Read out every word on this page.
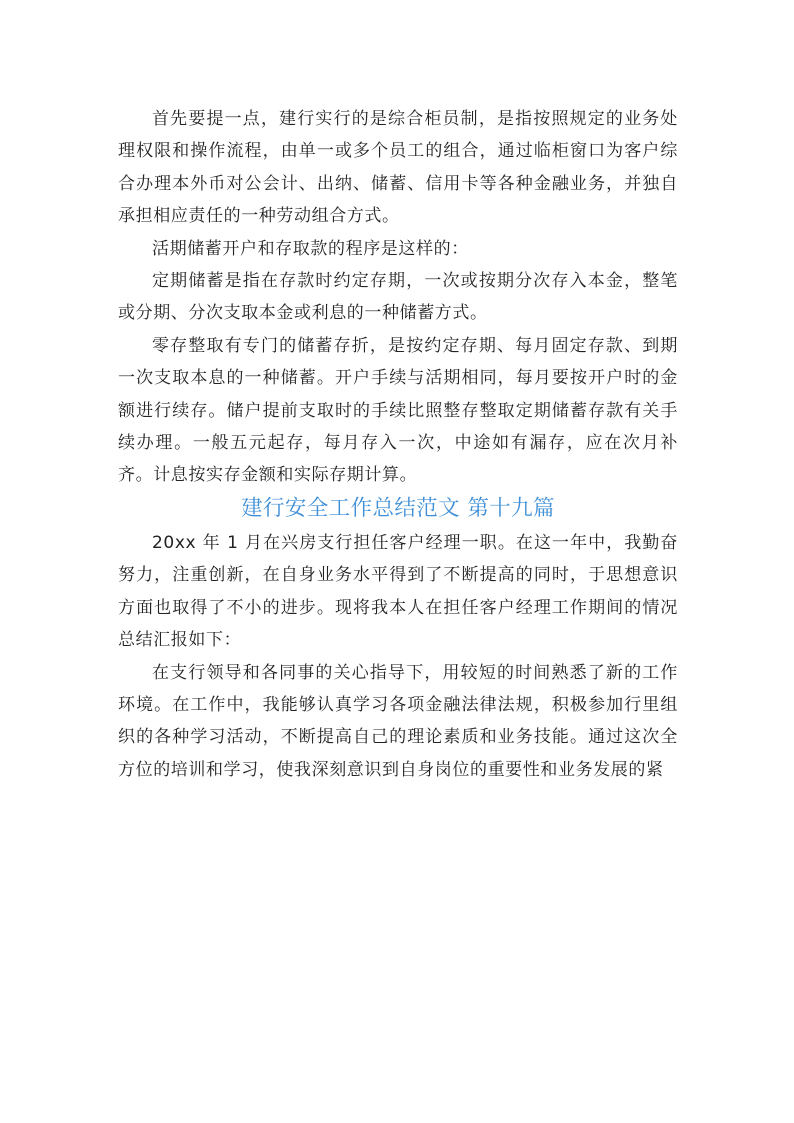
首先要提一点，建行实行的是综合柜员制，是指按照规定的业务处理权限和操作流程，由单一或多个员工的组合，通过临柜窗口为客户综合办理本外币对公会计、出纳、储蓄、信用卡等各种金融业务，并独自承担相应责任的一种劳动组合方式。

活期储蓄开户和存取款的程序是这样的：

定期储蓄是指在存款时约定存期，一次或按期分次存入本金，整笔或分期、分次支取本金或利息的一种储蓄方式。

零存整取有专门的储蓄存折，是按约定存期、每月固定存款、到期一次支取本息的一种储蓄。开户手续与活期相同，每月要按开户时的金额进行续存。储户提前支取时的手续比照整存整取定期储蓄存款有关手续办理。一般五元起存，每月存入一次，中途如有漏存，应在次月补齐。计息按实存金额和实际存期计算。

建行安全工作总结范文 第十九篇

20xx 年 1 月在兴房支行担任客户经理一职。在这一年中，我勤奋努力，注重创新，在自身业务水平得到了不断提高的同时，于思想意识方面也取得了不小的进步。现将我本人在担任客户经理工作期间的情况总结汇报如下：

在支行领导和各同事的关心指导下，用较短的时间熟悉了新的工作环境。在工作中，我能够认真学习各项金融法律法规，积极参加行里组织的各种学习活动，不断提高自己的理论素质和业务技能。通过这次全方位的培训和学习，使我深刻意识到自身岗位的重要性和业务发展的紧
